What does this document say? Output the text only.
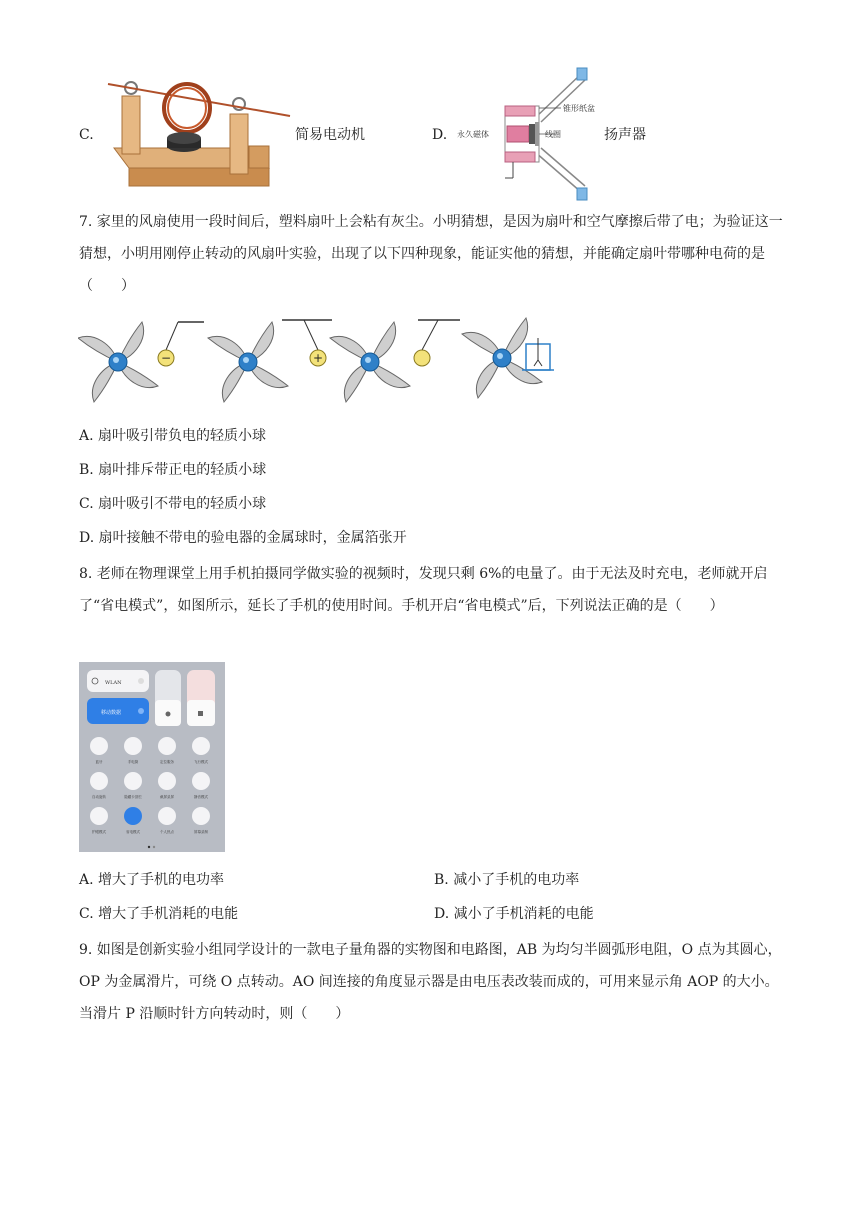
C.	简易电动机	D.
锥形纸盆
永久磁体	线圈	扬声器
7. 家里的风扇使用一段时间后，塑料扇叶上会粘有灰尘。小明猜想，是因为扇叶和空气摩擦后带了电；为验证这一猜想，小明用刚停止转动的风扇叶实验，出现了以下四种现象，能证实他的猜想，并能确定扇叶带哪种电荷的是（　　）
−	+
A. 扇叶吸引带负电的轻质小球
B. 扇叶排斥带正电的轻质小球
C. 扇叶吸引不带电的轻质小球
D. 扇叶接触不带电的验电器的金属球时，金属箔张开
8. 老师在物理课堂上用手机拍摄同学做实验的视频时，发现只剩 6%的电量了。由于无法及时充电，老师就开启了“省电模式”，如图所示，延长了手机的使用时间。手机开启“省电模式”后，下列说法正确的是（　　）
WLAN
移动数据
蓝牙	手电筒	定位服务	飞行模式
自动旋转	隐藏卡顶栏	截屏录屏	静音模式
护眼模式	省电模式	个人热点	屏幕录制
A. 增大了手机的电功率	B. 减小了手机的电功率
C. 增大了手机消耗的电能	D. 减小了手机消耗的电能
9. 如图是创新实验小组同学设计的一款电子量角器的实物图和电路图，AB 为均匀半圆弧形电阻，O 点为其圆心，OP 为金属滑片，可绕 O 点转动。AO 间连接的角度显示器是由电压表改装而成的，可用来显示角 AOP 的大小。当滑片 P 沿顺时针方向转动时，则（　　）
